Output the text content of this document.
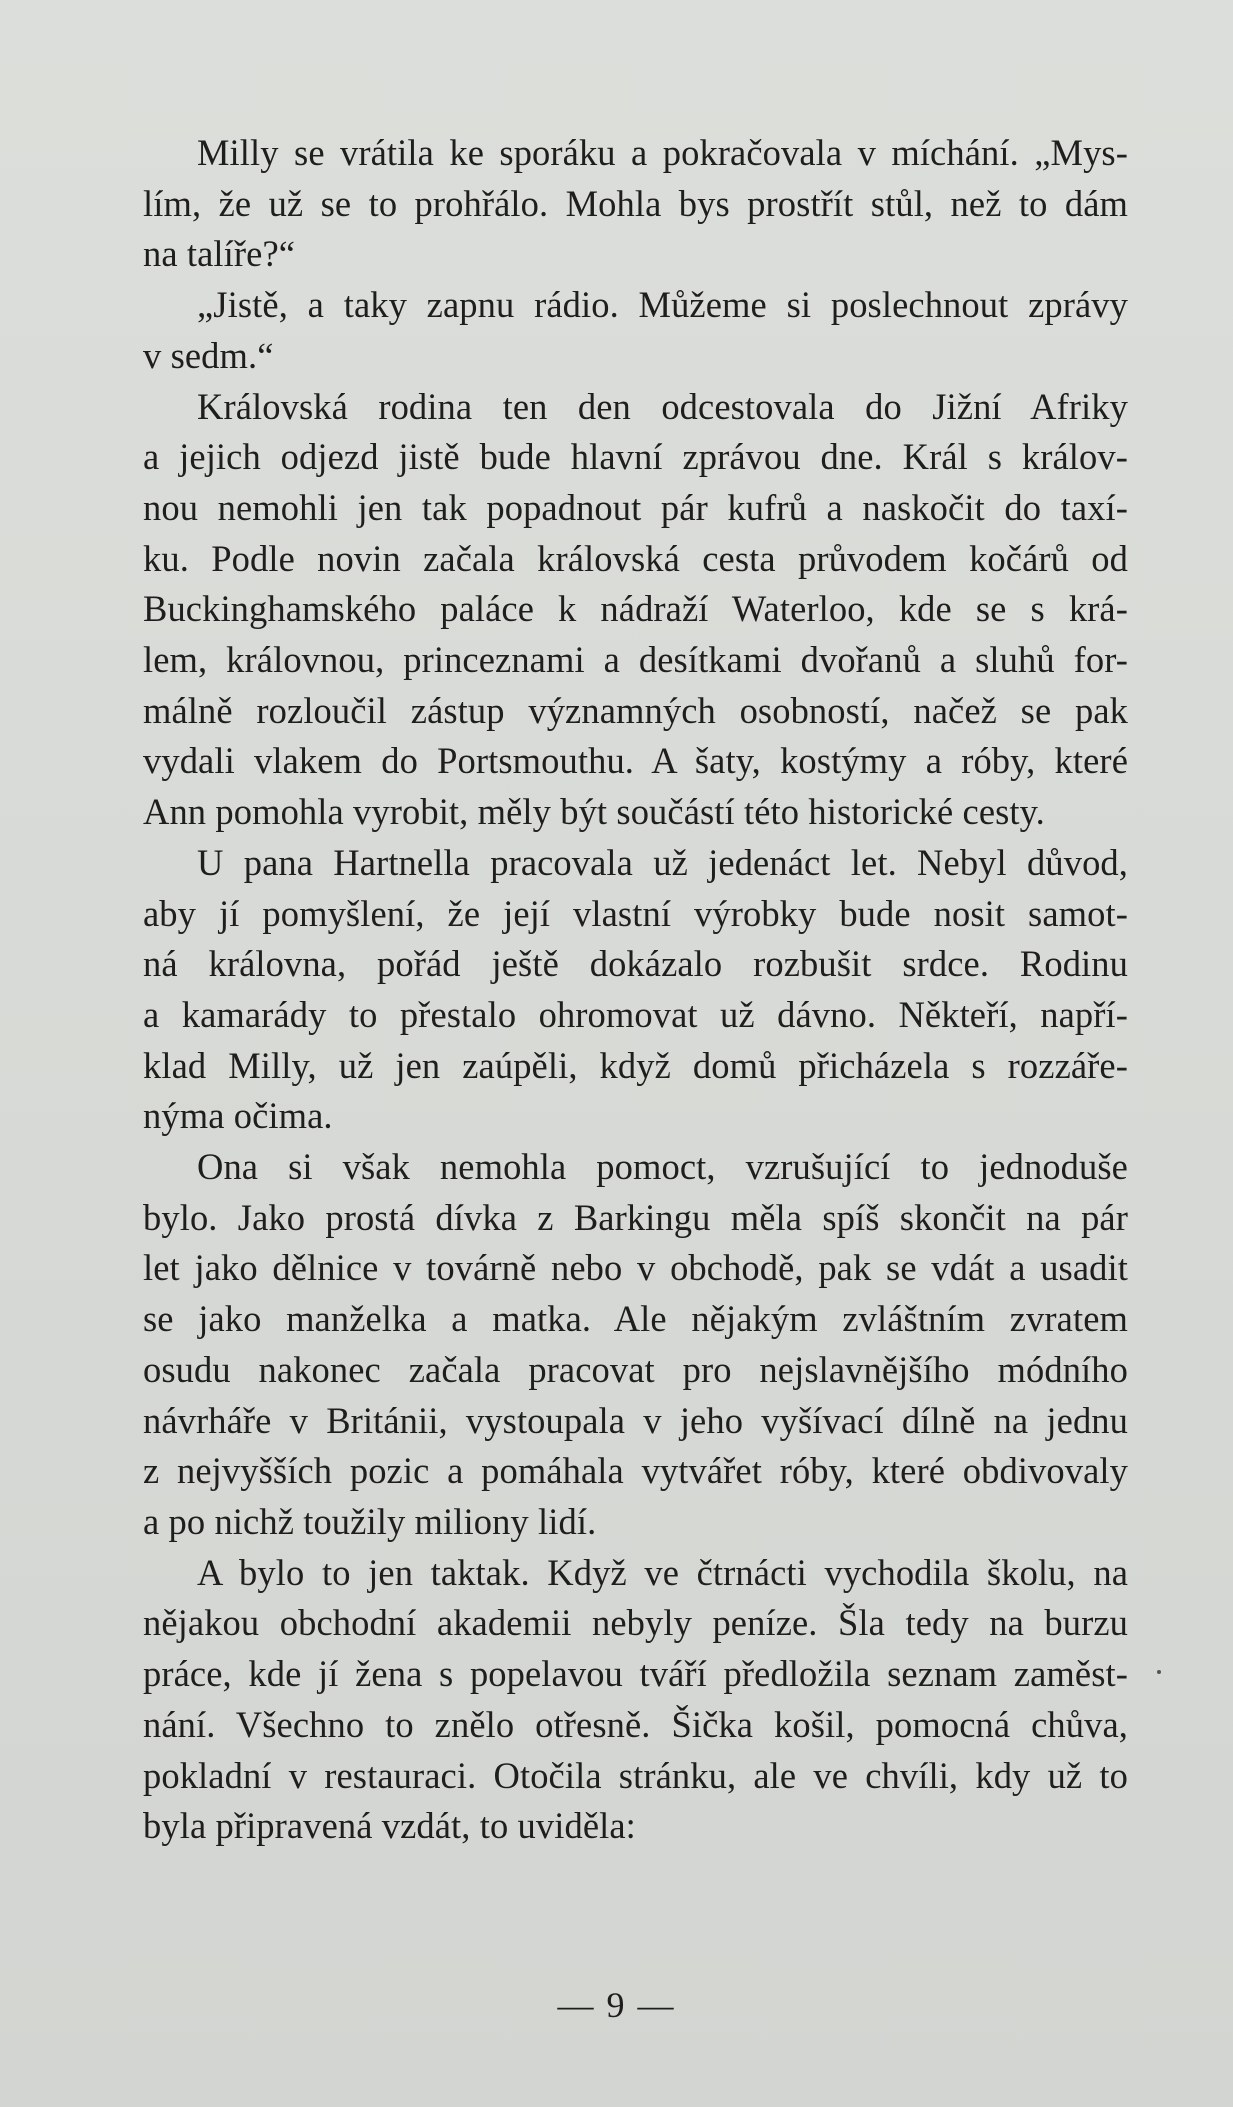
Milly se vrátila ke sporáku a pokračovala v míchání. „Mys-
lím, že už se to prohřálo. Mohla bys prostřít stůl, než to dám
na talíře?“

„Jistě, a taky zapnu rádio. Můžeme si poslechnout zprávy
v sedm.“

Královská rodina ten den odcestovala do Jižní Afriky
a jejich odjezd jistě bude hlavní zprávou dne. Král s králov-
nou nemohli jen tak popadnout pár kufrů a naskočit do taxí-
ku. Podle novin začala královská cesta průvodem kočárů od
Buckinghamského paláce k nádraží Waterloo, kde se s krá-
lem, královnou, princeznami a desítkami dvořanů a sluhů for-
málně rozloučil zástup významných osobností, načež se pak
vydali vlakem do Portsmouthu. A šaty, kostýmy a róby, které
Ann pomohla vyrobit, měly být součástí této historické cesty.

U pana Hartnella pracovala už jedenáct let. Nebyl důvod,
aby jí pomyšlení, že její vlastní výrobky bude nosit samot-
ná královna, pořád ještě dokázalo rozbušit srdce. Rodinu
a kamarády to přestalo ohromovat už dávno. Někteří, napří-
klad Milly, už jen zaúpěli, když domů přicházela s rozzáře-
nýma očima.

Ona si však nemohla pomoct, vzrušující to jednoduše
bylo. Jako prostá dívka z Barkingu měla spíš skončit na pár
let jako dělnice v továrně nebo v obchodě, pak se vdát a usadit
se jako manželka a matka. Ale nějakým zvláštním zvratem
osudu nakonec začala pracovat pro nejslavnějšího módního
návrháře v Británii, vystoupala v jeho vyšívací dílně na jednu
z nejvyšších pozic a pomáhala vytvářet róby, které obdivovaly
a po nichž toužily miliony lidí.

A bylo to jen taktak. Když ve čtrnácti vychodila školu, na
nějakou obchodní akademii nebyly peníze. Šla tedy na burzu
práce, kde jí žena s popelavou tváří předložila seznam zaměst-
nání. Všechno to znělo otřesně. Šička košil, pomocná chůva,
pokladní v restauraci. Otočila stránku, ale ve chvíli, kdy už to
byla připravená vzdát, to uviděla:

— 9 —
